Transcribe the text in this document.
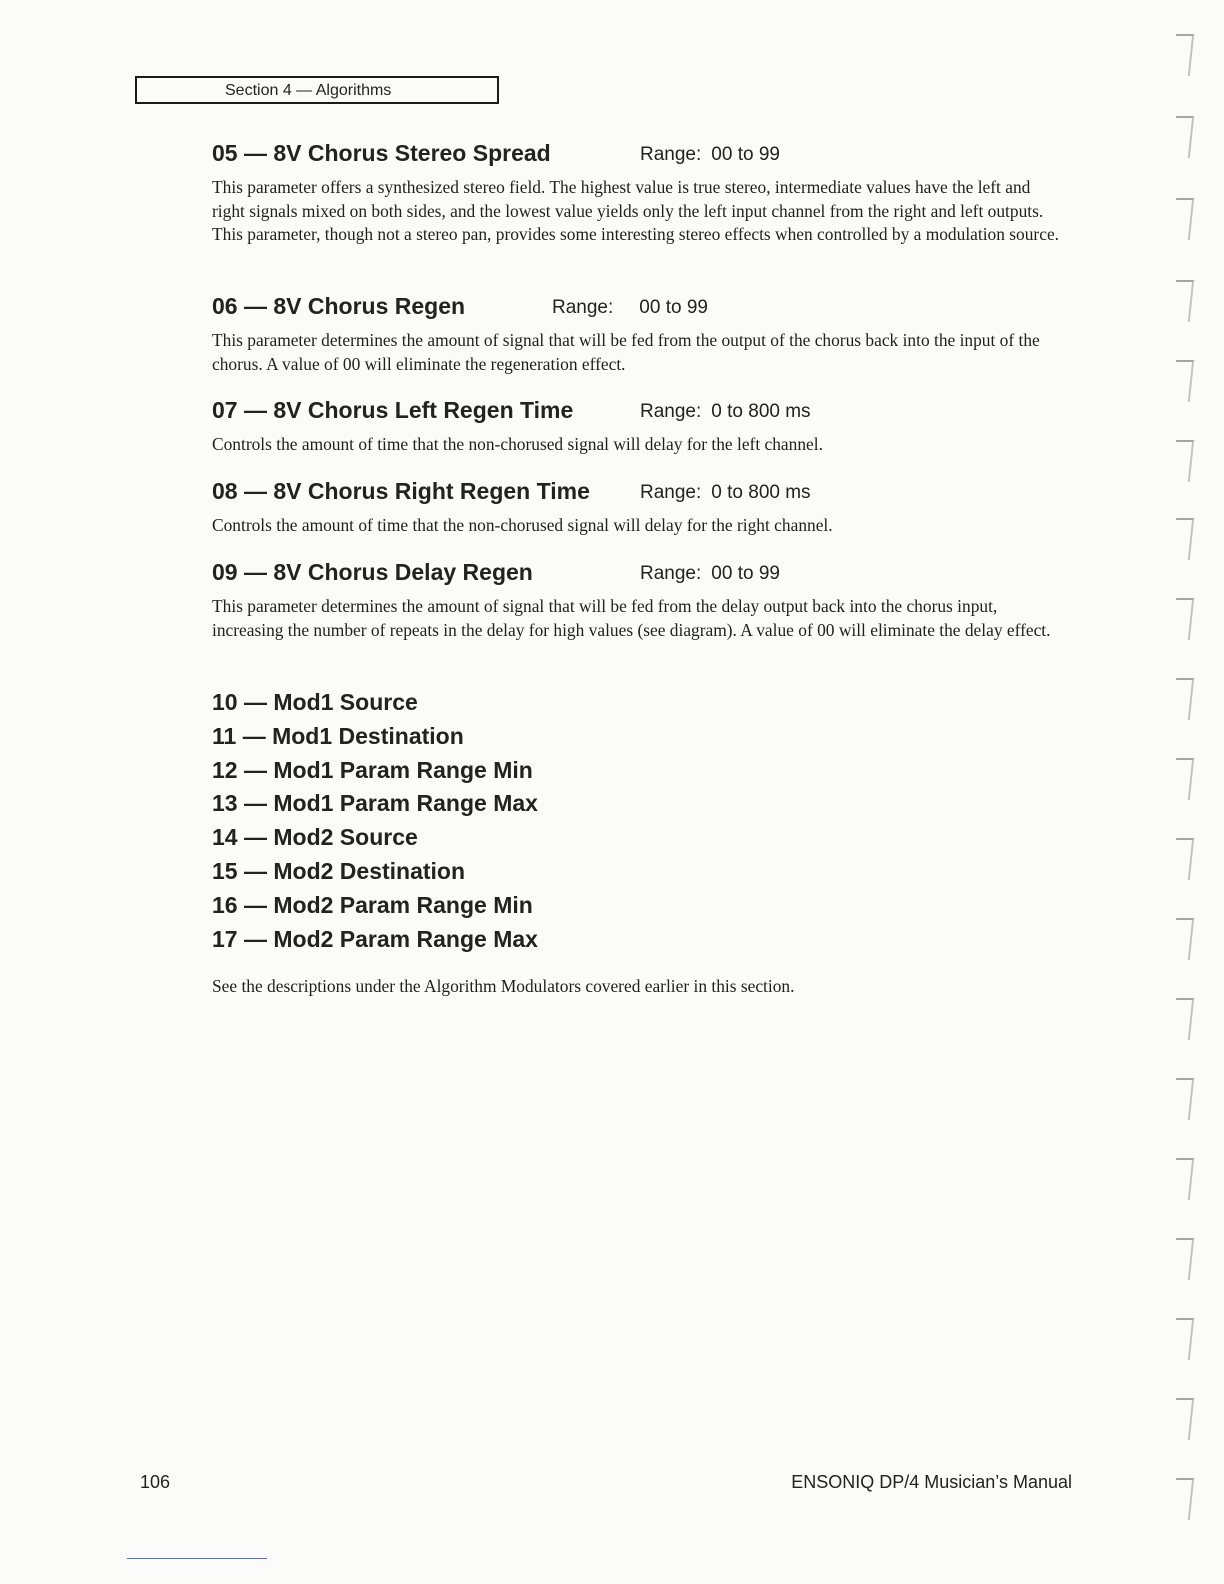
Section 4 — Algorithms
05 — 8V Chorus Stereo Spread	Range: 00 to 99

This parameter offers a synthesized stereo field. The highest value is true stereo, intermediate values have the left and right signals mixed on both sides, and the lowest value yields only the left input channel from the right and left outputs. This parameter, though not a stereo pan, provides some interesting stereo effects when controlled by a modulation source.

06 — 8V Chorus Regen	Range: 00 to 99

This parameter determines the amount of signal that will be fed from the output of the chorus back into the input of the chorus. A value of 00 will eliminate the regeneration effect.

07 — 8V Chorus Left Regen Time	Range: 0 to 800 ms

Controls the amount of time that the non-chorused signal will delay for the left channel.

08 — 8V Chorus Right Regen Time	Range: 0 to 800 ms

Controls the amount of time that the non-chorused signal will delay for the right channel.

09 — 8V Chorus Delay Regen	Range: 00 to 99

This parameter determines the amount of signal that will be fed from the delay output back into the chorus input, increasing the number of repeats in the delay for high values (see diagram). A value of 00 will eliminate the delay effect.

10 — Mod1 Source
11 — Mod1 Destination
12 — Mod1 Param Range Min
13 — Mod1 Param Range Max
14 — Mod2 Source
15 — Mod2 Destination
16 — Mod2 Param Range Min
17 — Mod2 Param Range Max

See the descriptions under the Algorithm Modulators covered earlier in this section.

106	ENSONIQ DP/4 Musician’s Manual
